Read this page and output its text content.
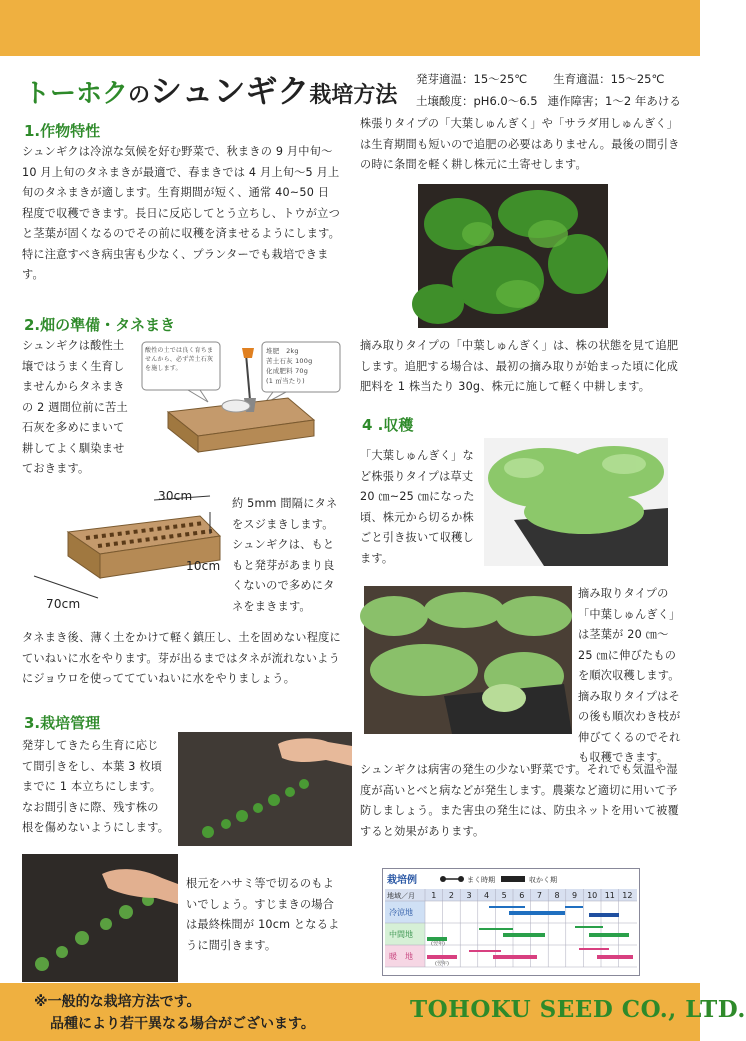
トーホクのシュンギク栽培方法
発芽適温：15～25℃ 生育適温：15～25℃
土壌酸度：pH6.0～6.5 連作障害；1～2 年あける
1.作物特性
シュンギクは冷涼な気候を好む野菜で、秋まきの 9 月中旬～10 月上旬のタネまきが最適で、春まきでは 4 月上旬～5 月上旬のタネまきが適します。生育期間が短く、通常 40~50 日程度で収穫できます。長日に反応してとう立ちし、トウが立つと茎葉が固くなるのでその前に収穫を済ませるようにします。特に注意すべき病虫害も少なく、プランターでも栽培できます。
2.畑の準備・タネまき
シュンギクは酸性土壌ではうまく生育しませんからタネまきの 2 週間位前に苦土石灰を多めにまいて耕してよく馴染ませておきます。
酸性の土では良く育ちませんから、必ず苦土石灰を施します。
堆肥　2kg
苦土石灰 100g
化成肥料 70g
(1 ㎡当たり)
30cm
10cm
70cm
約 5mm 間隔にタネをスジまきします。シュンギクは、もともと発芽があまり良くないので多めにタネをまきます。
タネまき後、薄く土をかけて軽く鎮圧し、土を固めない程度にていねいに水をやります。芽が出るまではタネが流れないようにジョウロを使っててていねいに水をやりましょう。
3.栽培管理
発芽してきたら生育に応じて間引きをし、本葉 3 枚頃までに 1 本立ちにします。なお間引きに際、残す株の根を傷めないようにします。
根元をハサミ等で切るのもよいでしょう。すじまきの場合は最終株間が 10cm となるように間引きます。
株張りタイプの「大葉しゅんぎく」や「サラダ用しゅんぎく」は生育期間も短いので追肥の必要はありません。最後の間引きの時に条間を軽く耕し株元に土寄せします。
摘み取りタイプの「中葉しゅんぎく」は、株の状態を見て追肥します。追肥する場合は、最初の摘み取りが始まった頃に化成肥料を 1 株当たり 30g、株元に施して軽く中耕します。
4 .収穫
「大葉しゅんぎく」など株張りタイプは草丈 20 ㎝~25 ㎝になった頃、株元から切るか株ごと引き抜いて収穫します。
摘み取りタイプの「中葉しゅんぎく」は茎葉が 20 ㎝～25 ㎝に伸びたものを順次収穫します。摘み取りタイプはその後も順次わき枝が伸びてくるのでそれも収穫できます。
シュンギクは病害の発生の少ない野菜です。それでも気温や湿度が高いとべと病などが発生します。農薬など適切に用いて予防しましょう。また害虫の発生には、防虫ネットを用いて被覆すると効果があります。
栽培例	まく時期	収かく期
地域／月 1 2 3 4 5 6 7 8 9 10 11 12
冷涼地
中間地
暖　地
(翌年)
(翌年)
※一般的な栽培方法です。
品種により若干異なる場合がございます。
TOHOKU SEED CO., LTD.
